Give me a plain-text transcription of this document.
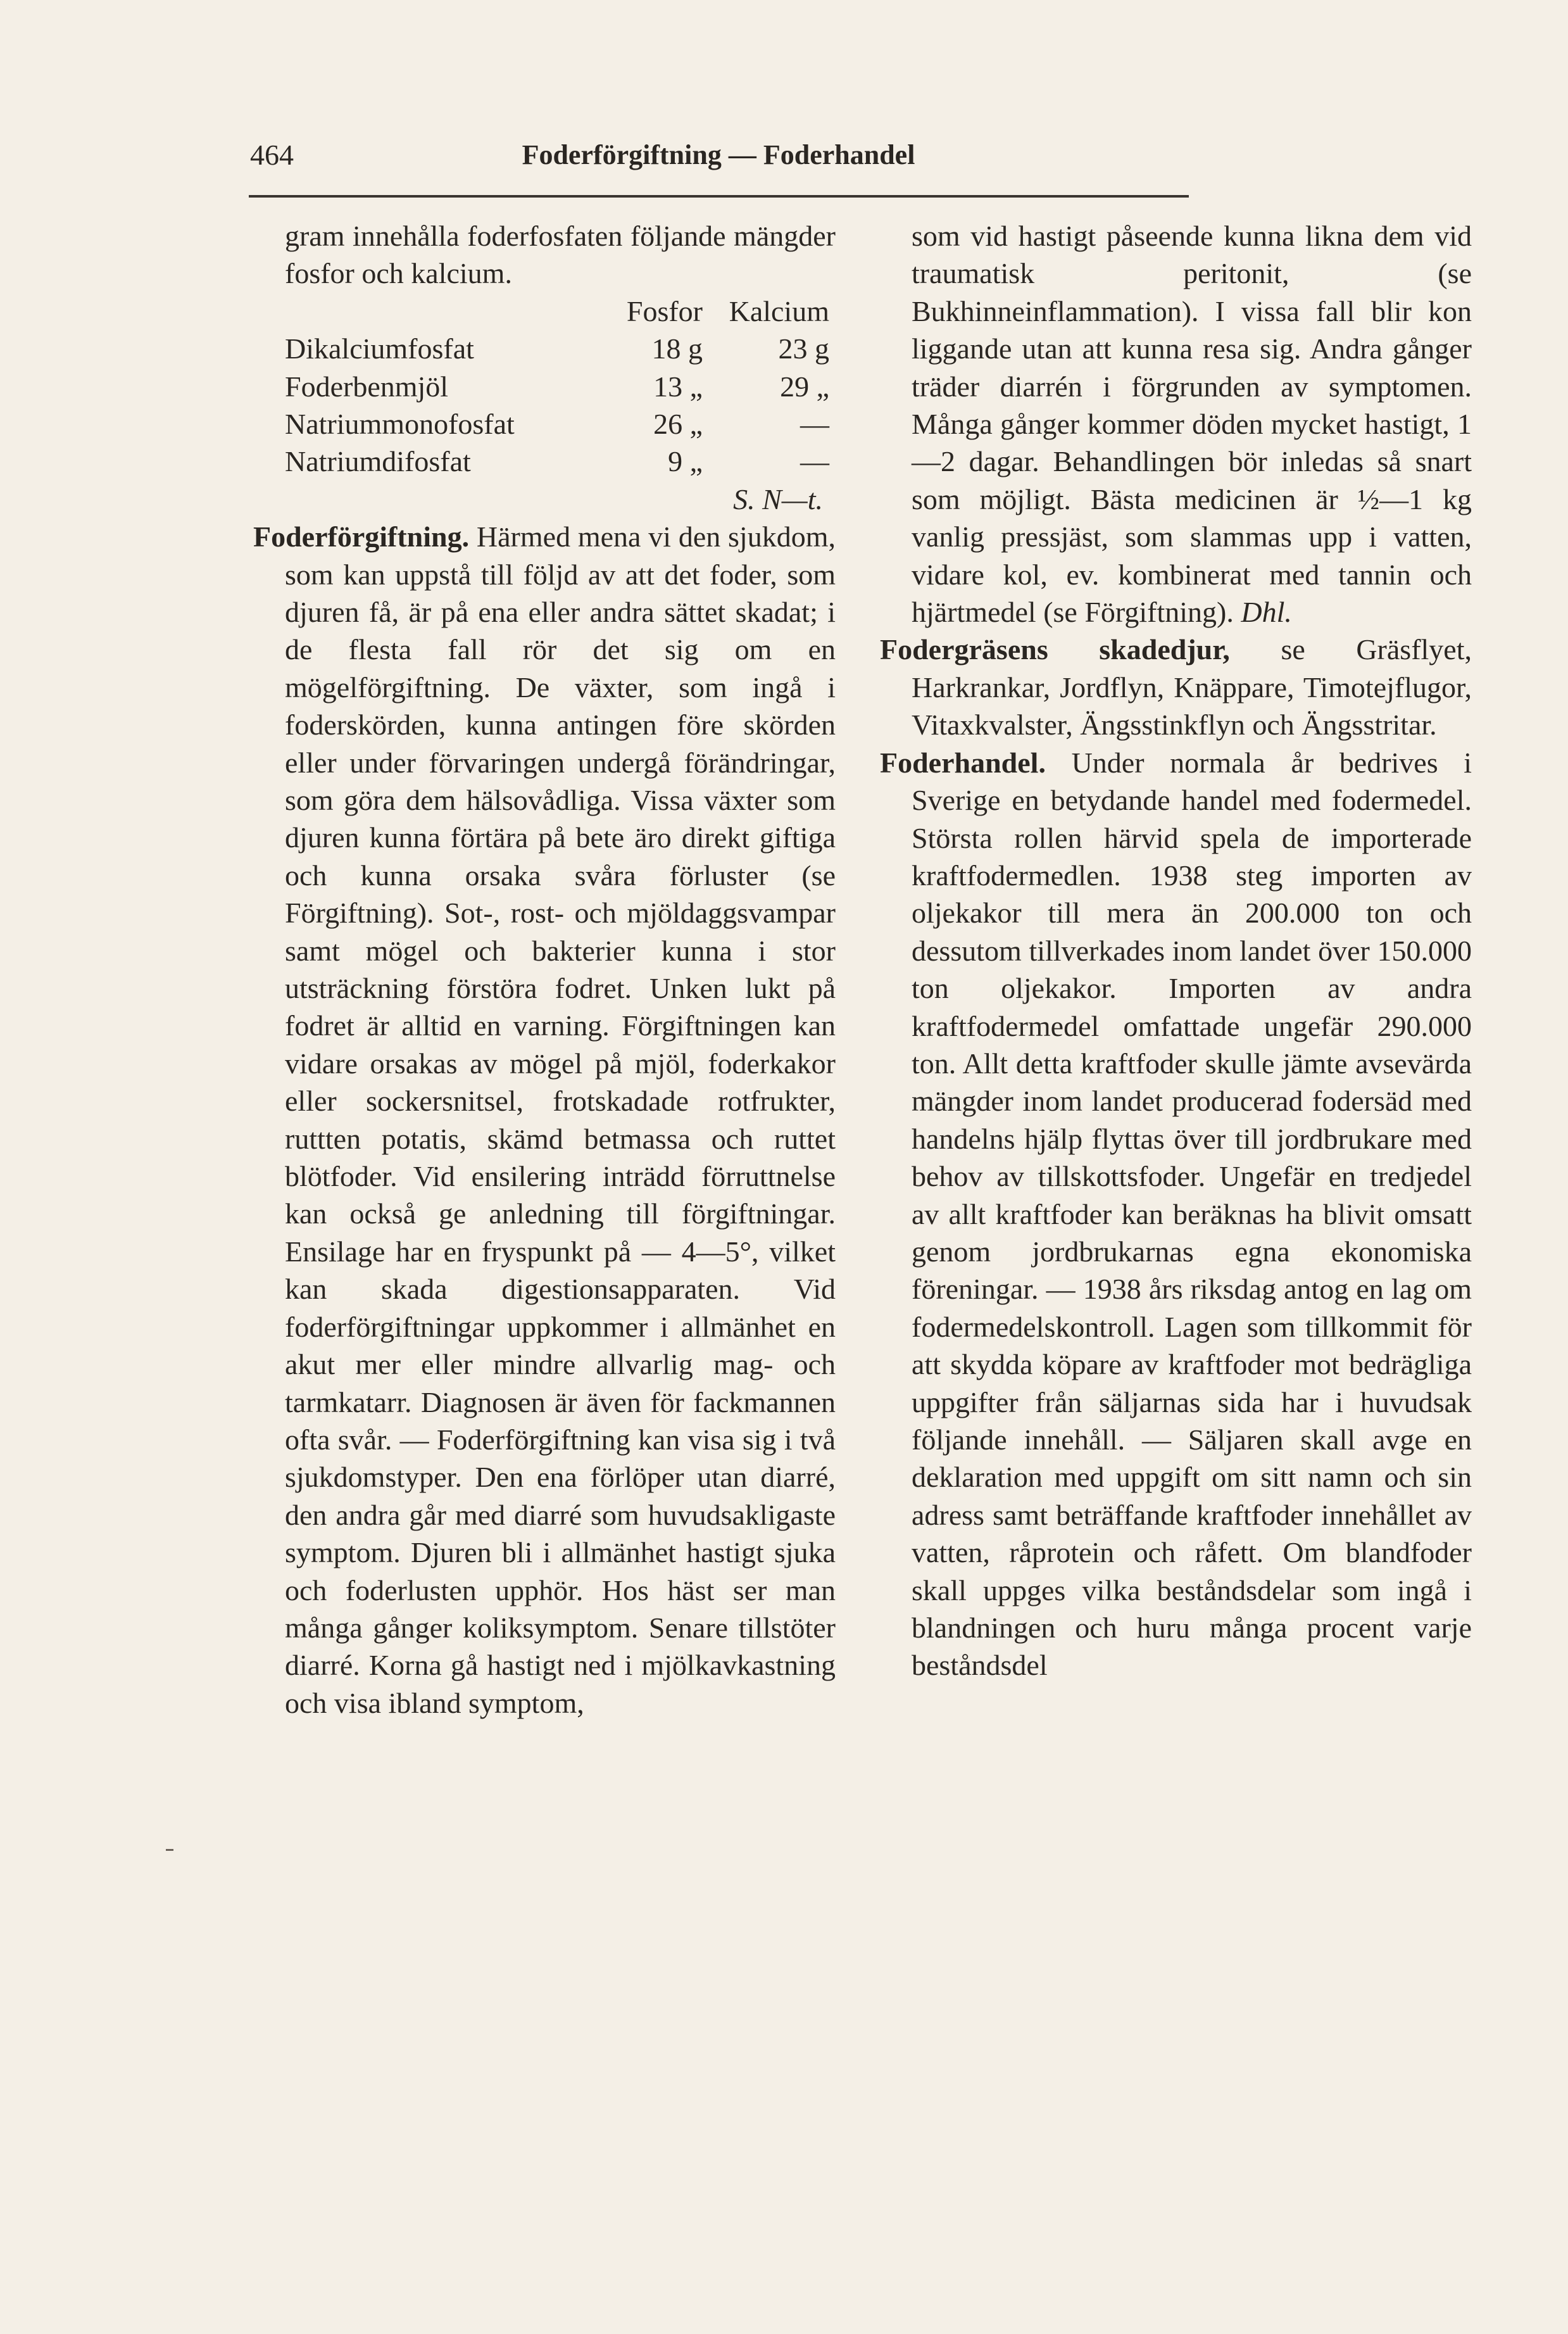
464	Foderförgiftning — Foderhandel

gram innehålla foderfosfaten följande mängder fosfor och kalcium.

Fosfor Kalcium
Dikalciumfosfat	18 g	23 g
Foderbenmjöl	13 „	29 „
Natriummonofosfat	26 „	—
Natriumdifosfat	9 „	—

S. N—t.

Foderförgiftning. Härmed mena vi den sjukdom, som kan uppstå till följd av att det foder, som djuren få, är på ena eller andra sättet skadat; i de flesta fall rör det sig om en mögelförgiftning. De växter, som ingå i foderskörden, kunna antingen före skörden eller under förvaringen undergå förändringar, som göra dem hälsovådliga. Vissa växter som djuren kunna förtära på bete äro direkt giftiga och kunna orsaka svåra förluster (se Förgiftning). Sot-, rost- och mjöldaggsvampar samt mögel och bakterier kunna i stor utsträckning förstöra fodret. Unken lukt på fodret är alltid en varning. Förgiftningen kan vidare orsakas av mögel på mjöl, foderkakor eller sockersnitsel, frotskadade rotfrukter, ruttten potatis, skämd betmassa och ruttet blötfoder. Vid ensilering inträdd förruttnelse kan också ge anledning till förgiftningar. Ensilage har en fryspunkt på — 4—5°, vilket kan skada digestionsapparaten. Vid foderförgiftningar uppkommer i allmänhet en akut mer eller mindre allvarlig mag- och tarmkatarr. Diagnosen är även för fackmannen ofta svår. — Foderförgiftning kan visa sig i två sjukdomstyper. Den ena förlöper utan diarré, den andra går med diarré som huvudsakligaste symptom. Djuren bli i allmänhet hastigt sjuka och foderlusten upphör. Hos häst ser man många gånger koliksymptom. Senare tillstöter diarré. Korna gå hastigt ned i mjölkavkastning och visa ibland symptom,

som vid hastigt påseende kunna likna dem vid traumatisk peritonit, (se Bukhinneinflammation). I vissa fall blir kon liggande utan att kunna resa sig. Andra gånger träder diarrén i förgrunden av symptomen. Många gånger kommer döden mycket hastigt, 1—2 dagar. Behandlingen bör inledas så snart som möjligt. Bästa medicinen är ½—1 kg vanlig pressjäst, som slammas upp i vatten, vidare kol, ev. kombinerat med tannin och hjärtmedel (se Förgiftning). Dhl.

Fodergräsens skadedjur, se Gräsflyet, Harkrankar, Jordflyn, Knäppare, Timotejflugor, Vitaxkvalster, Ängsstinkflyn och Ängsstritar.

Foderhandel. Under normala år bedrives i Sverige en betydande handel med fodermedel. Största rollen härvid spela de importerade kraftfodermedlen. 1938 steg importen av oljekakor till mera än 200.000 ton och dessutom tillverkades inom landet över 150.000 ton oljekakor. Importen av andra kraftfodermedel omfattade ungefär 290.000 ton. Allt detta kraftfoder skulle jämte avsevärda mängder inom landet producerad fodersäd med handelns hjälp flyttas över till jordbrukare med behov av tillskottsfoder. Ungefär en tredjedel av allt kraftfoder kan beräknas ha blivit omsatt genom jordbrukarnas egna ekonomiska föreningar. — 1938 års riksdag antog en lag om fodermedelskontroll. Lagen som tillkommit för att skydda köpare av kraftfoder mot bedrägliga uppgifter från säljarnas sida har i huvudsak följande innehåll. — Säljaren skall avge en deklaration med uppgift om sitt namn och sin adress samt beträffande kraftfoder innehållet av vatten, råprotein och råfett. Om blandfoder skall uppges vilka beståndsdelar som ingå i blandningen och huru många procent varje beståndsdel
